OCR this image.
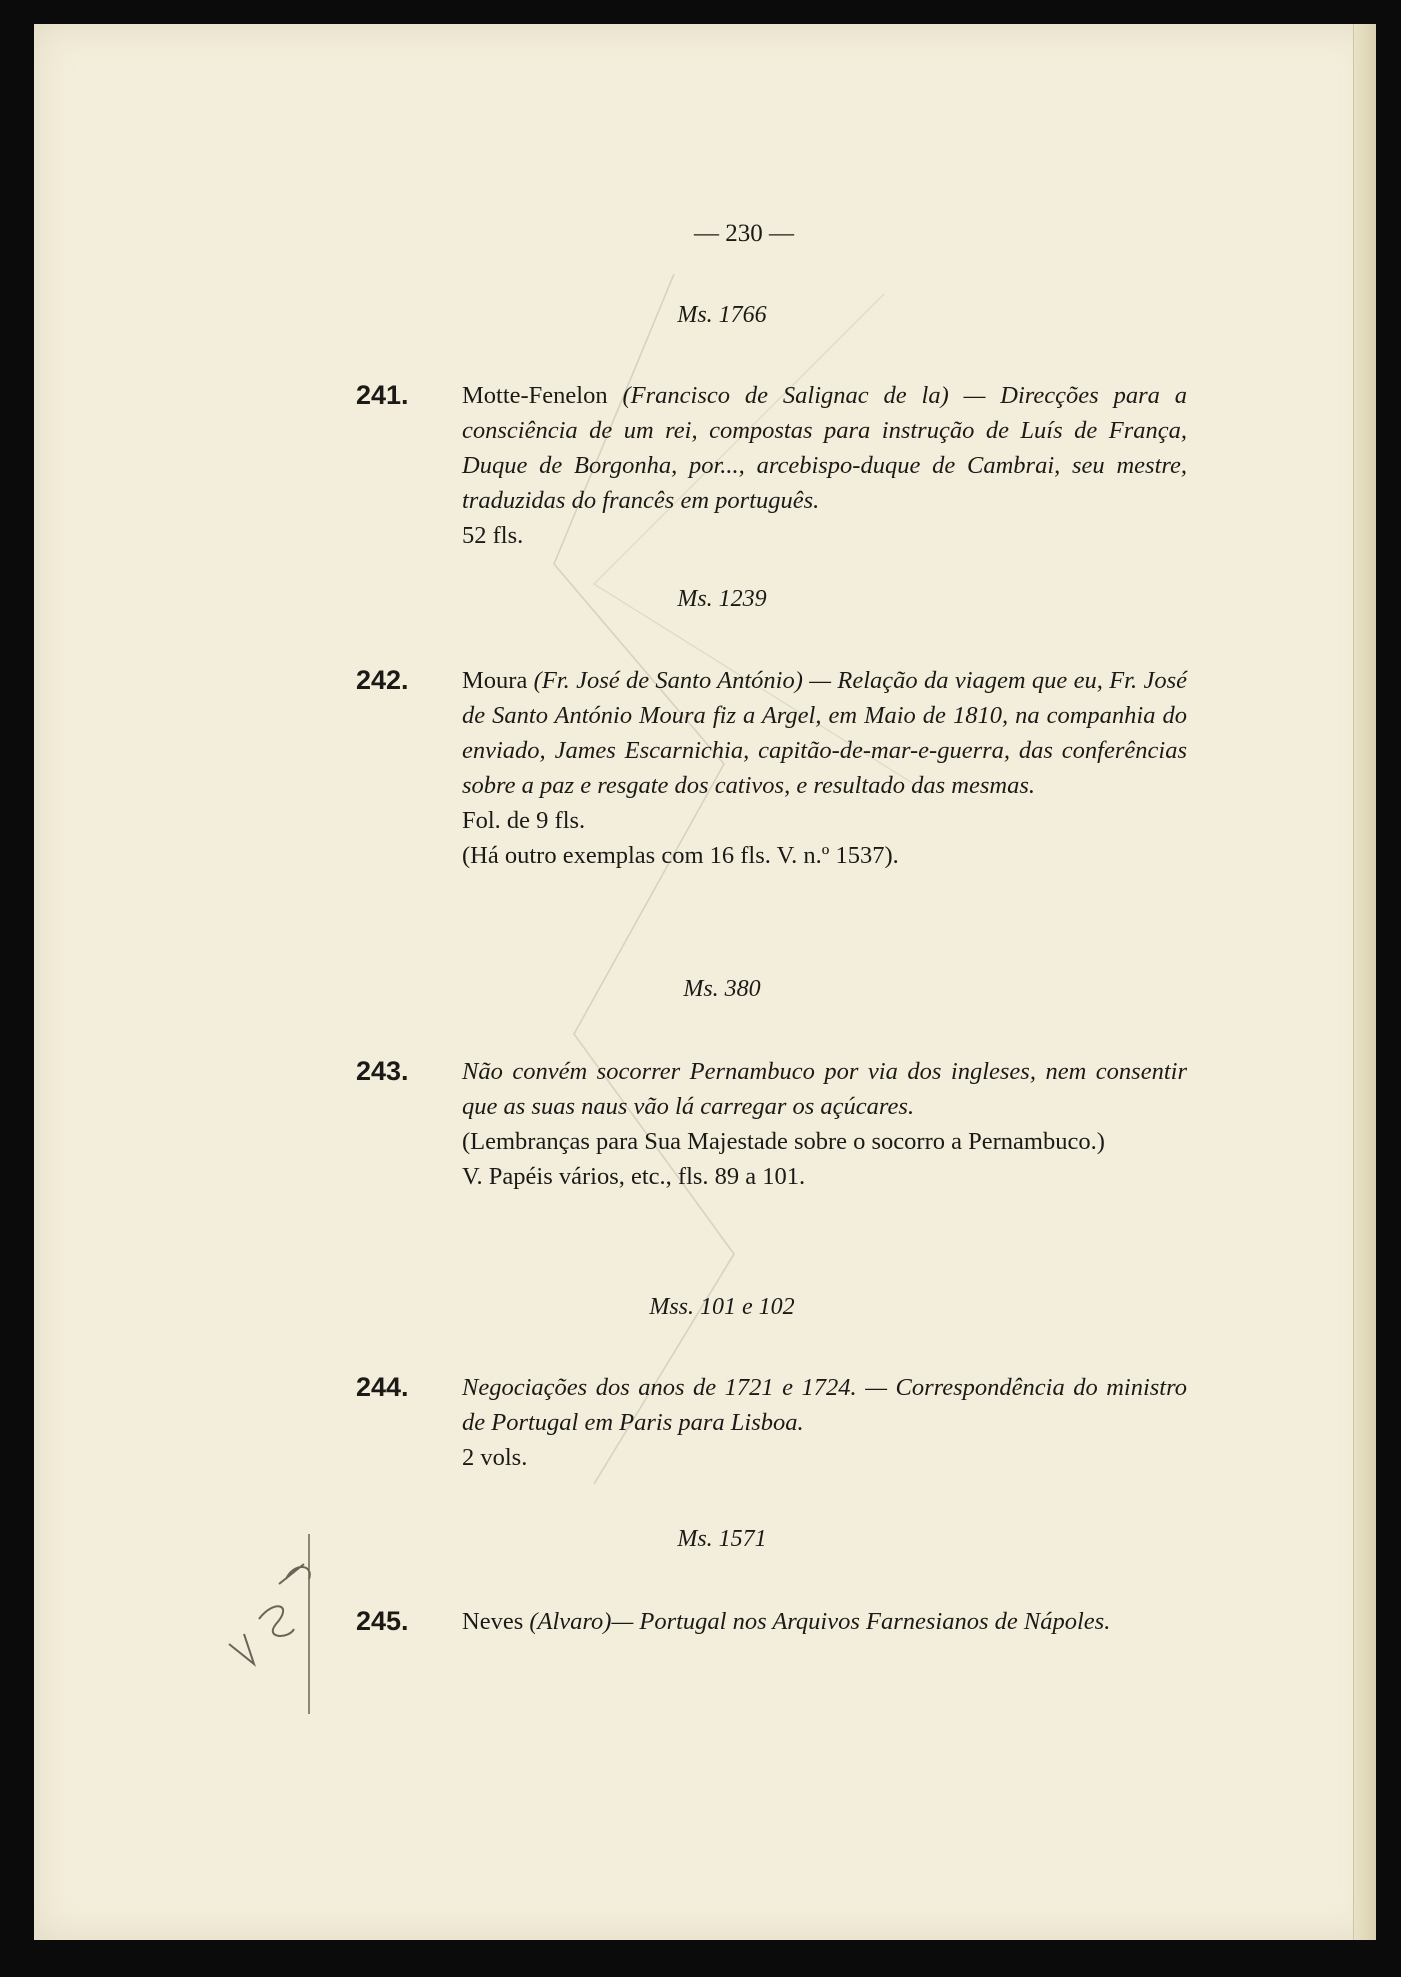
— 230 —
Ms. 1766
241. Motte-Fenelon (Francisco de Salignac de la) — Direcções para a consciência de um rei, compostas para instrução de Luís de França, Duque de Borgonha, por..., arcebispo-duque de Cambrai, seu mestre, traduzidas do francês em português.

52 fls.

Ms. 1239
242. Moura (Fr. José de Santo António) — Relação da viagem que eu, Fr. José de Santo António Moura fiz a Argel, em Maio de 1810, na companhia do enviado, James Escarnichia, capitão-de-mar-e-guerra, das conferências sobre a paz e resgate dos cativos, e resultado das mesmas.

Fol. de 9 fls.

(Há outro exemplas com 16 fls. V. n.º 1537).

Ms. 380
243. Não convém socorrer Pernambuco por via dos ingleses, nem consentir que as suas naus vão lá carregar os açúcares.

(Lembranças para Sua Majestade sobre o socorro a Pernambuco.)

V. Papéis vários, etc., fls. 89 a 101.

Mss. 101 e 102
244. Negociações dos anos de 1721 e 1724. — Correspondência do ministro de Portugal em Paris para Lisboa.

2 vols.

Ms. 1571
245. Neves (Alvaro)— Portugal nos Arquivos Farnesianos de Nápoles.
